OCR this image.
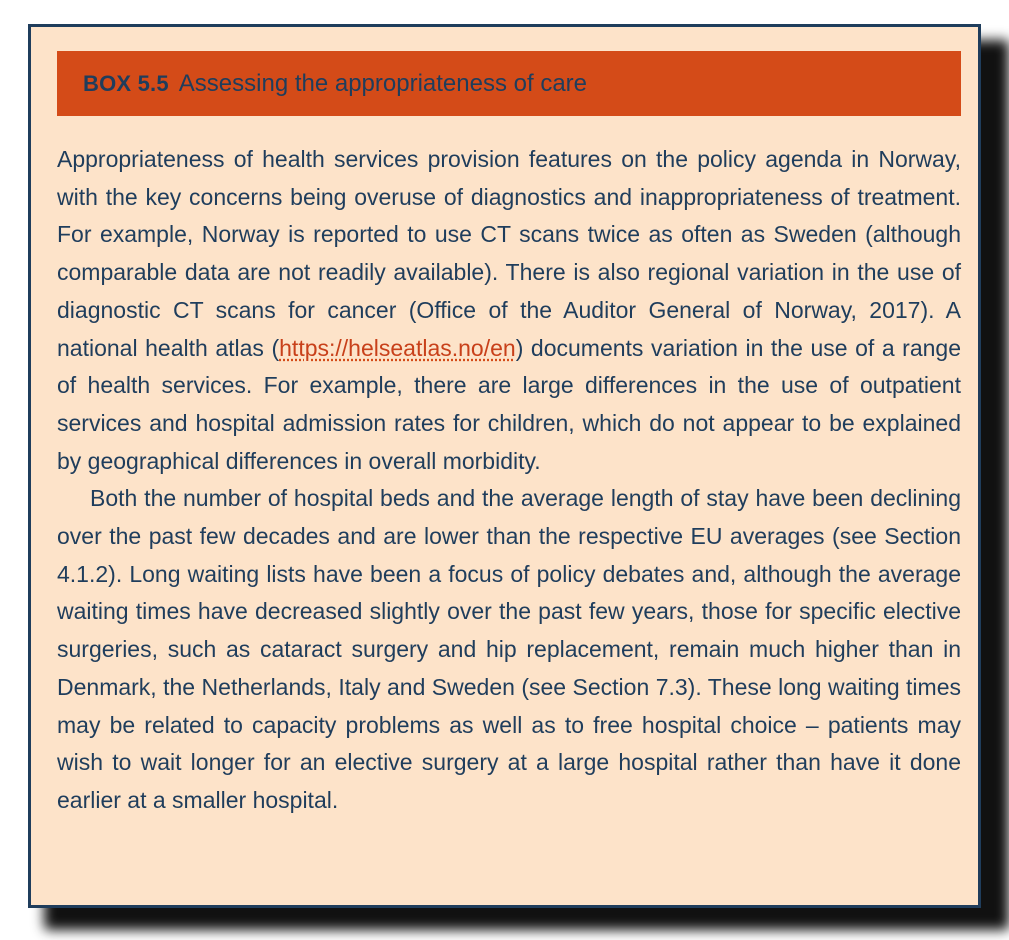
BOX 5.5 Assessing the appropriateness of care

Appropriateness of health services provision features on the policy agenda in Norway, with the key concerns being overuse of diagnostics and inappropriateness of treatment. For example, Norway is reported to use CT scans twice as often as Sweden (although comparable data are not readily available). There is also regional variation in the use of diagnostic CT scans for cancer (Office of the Auditor General of Norway, 2017). A national health atlas (https://helseatlas.no/en) documents variation in the use of a range of health services. For example, there are large differences in the use of outpatient services and hospital admission rates for children, which do not appear to be explained by geographical differences in overall morbidity.

Both the number of hospital beds and the average length of stay have been declining over the past few decades and are lower than the respective EU averages (see Section 4.1.2). Long waiting lists have been a focus of policy debates and, although the average waiting times have decreased slightly over the past few years, those for specific elective surgeries, such as cataract surgery and hip replacement, remain much higher than in Denmark, the Netherlands, Italy and Sweden (see Section 7.3). These long waiting times may be related to capacity problems as well as to free hospital choice – patients may wish to wait longer for an elective surgery at a large hospital rather than have it done earlier at a smaller hospital.
